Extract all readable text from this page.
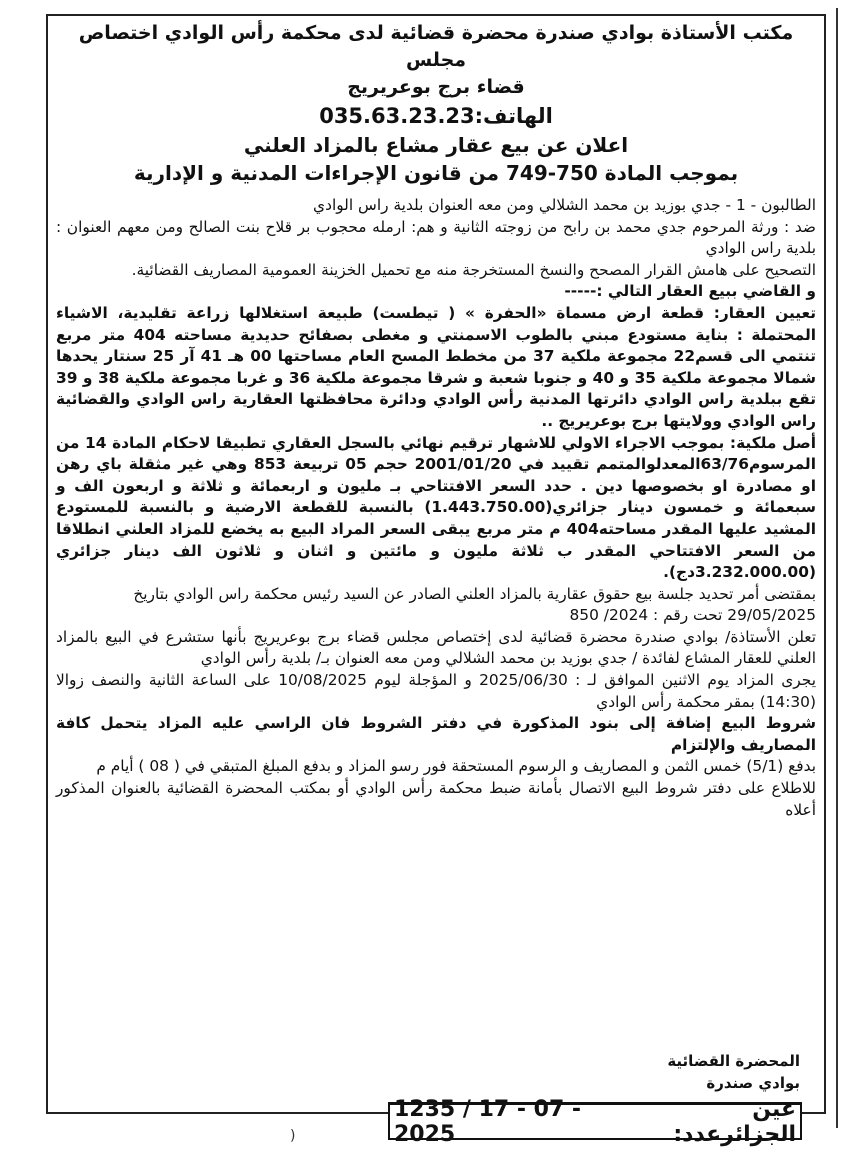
مكتب الأستاذة بوادي صندرة محضرة قضائية لدى محكمة رأس الوادي اختصاص مجلس

قضاء برج بوعريريج

الهاتف:035.63.23.23

اعلان عن بيع عقار مشاع بالمزاد العلني

بموجب المادة 750-749 من قانون الإجراءات المدنية و الإدارية

الطالبون - 1 - جدي بوزيد بن محمد الشلالي ومن معه العنوان بلدية راس الوادي

ضد : ورثة المرحوم جدي محمد بن رابح من زوجته الثانية و هم: ارمله محجوب بر قلاح بنت الصالح ومن معهم العنوان : بلدية راس الوادي

التصحيح على هامش القرار المصحح والنسخ المستخرجة منه مع تحميل الخزينة العمومية المصاريف القضائية.

و القاضي ببيع العقار التالي :-----

تعيين العقار: قطعة ارض مسماة «الحفرة » ( تيطست) طبيعة استغلالها زراعة تقليدية، الاشياء المحتملة : بناية مستودع مبني بالطوب الاسمنتي و مغطى بصفائح حديدية مساحته 404 متر مربع تنتمي الى قسم22 مجموعة ملكية 37 من مخطط المسح العام مساحتها 00 هـ 41 آر 25 سنتار يحدها شمالا مجموعة ملكية 35 و 40 و جنوبا شعبة و شرقا مجموعة ملكية 36 و غربا مجموعة ملكية 38 و 39 تقع ببلدية راس الوادي دائرتها المدنية رأس الوادي ودائرة محافظتها العقارية راس الوادي والقضائية راس الوادي وولايتها برج بوعريريج ..

أصل ملكية: بموجب الاجراء الاولي للاشهار ترقيم نهائي بالسجل العقاري تطبيقا لاحكام المادة 14 من المرسوم63/76المعدلوالمتمم تقييد في 2001/01/20 حجم 05 تربيعة 853 وهي غير مثقلة باي رهن او مصادرة او بخصوصها دين . حدد السعر الافتتاحي بـ مليون و اربعمائة و ثلاثة و اربعون الف و سبعمائة و خمسون دينار جزائري(1.443.750.00) بالنسبة للقطعة الارضية و بالنسبة للمستودع المشيد عليها المقدر مساحته404 م متر مربع يبقى السعر المراد البيع به يخضع للمزاد العلني انطلاقا من السعر الافتتاحي المقدر ب ثلاثة مليون و مائتين و اثنان و ثلاثون الف دينار جزائري (3.232.000.00دج).

بمقتضى أمر تحديد جلسة بيع حقوق عقارية بالمزاد العلني الصادر عن السيد رئيس محكمة راس الوادي بتاريخ

29/05/2025 تحت رقم : 2024/ 850

تعلن الأستاذة/ بوادي صندرة محضرة قضائية لدى إختصاص مجلس قضاء برج بوعريريج بأنها ستشرع في البيع بالمزاد العلني للعقار المشاع لفائدة / جدي بوزيد بن محمد الشلالي ومن معه العنوان بـ/ بلدية رأس الوادي

يجرى المزاد يوم الاثنين الموافق لـ : 2025/06/30 و المؤجلة ليوم 10/08/2025 على الساعة الثانية والنصف زوالا (14:30) بمقر محكمة رأس الوادي

شروط البيع إضافة إلى بنود المذكورة في دفتر الشروط فان الراسي عليه المزاد يتحمل كافة المصاريف والإلتزام

بدفع (5/1) خمس الثمن و المصاريف و الرسوم المستحقة فور رسو المزاد و بدفع المبلغ المتبقي في ( 08 ) أيام م

للاطلاع على دفتر شروط البيع الاتصال بأمانة ضبط محكمة رأس الوادي أو بمكتب المحضرة القضائية بالعنوان المذكور أعلاه

المحضرة القضائية

بوادي صندرة

عين الجزائرعدد:
1235 / 17 - 07 - 2025
)
